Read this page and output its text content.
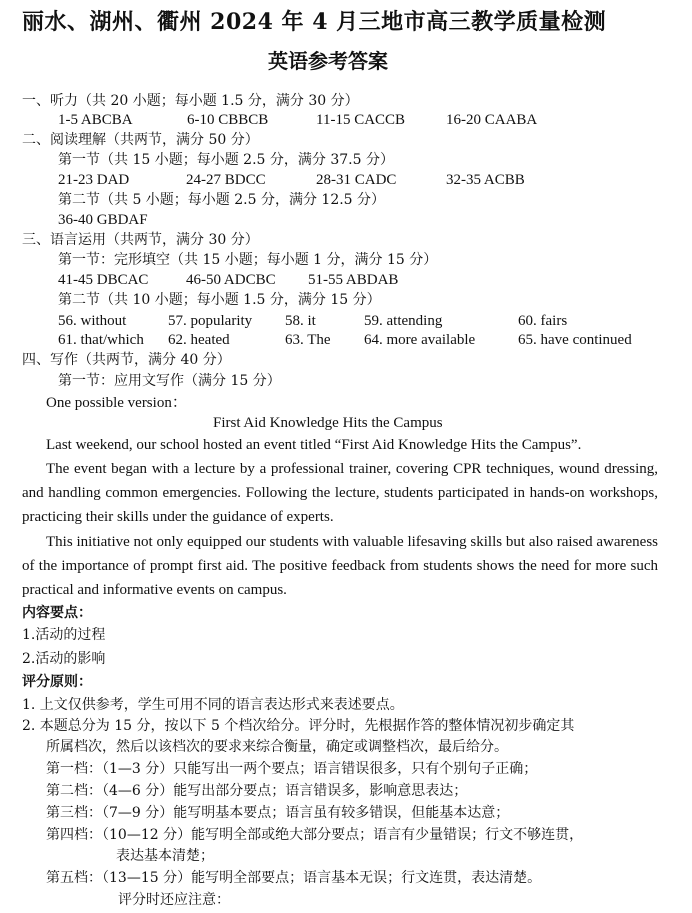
丽水、湖州、衢州 2024 年 4 月三地市高三教学质量检测
英语参考答案
一、听力（共 20 小题；每小题 1.5 分，满分 30 分）
1-5 ABCBA	6-10 CBBCB	11-15 CACCB	16-20 CAABA
二、阅读理解（共两节，满分 50 分）
第一节（共 15 小题；每小题 2.5 分，满分 37.5 分）
21-23 DAD	24-27 BDCC	28-31 CADC	32-35 ACBB
第二节（共 5 小题；每小题 2.5 分，满分 12.5 分）
36-40 GBDAF
三、语言运用（共两节，满分 30 分）
第一节：完形填空（共 15 小题；每小题 1 分，满分 15 分）
41-45 DBCAC	46-50 ADCBC 51-55 ABDAB
第二节（共 10 小题；每小题 1.5 分，满分 15 分）
56. without	57. popularity 58. it	59. attending	60. fairs
61. that/which 62. heated	63. The 64. more available	65. have continued
四、写作（共两节，满分 40 分）
第一节：应用文写作（满分 15 分）
One possible version：
First Aid Knowledge Hits the Campus
Last weekend, our school hosted an event titled “First Aid Knowledge Hits the Campus”.
The event began with a lecture by a professional trainer, covering CPR techniques, wound dressing, and handling common emergencies. Following the lecture, students participated in hands-on workshops, practicing their skills under the guidance of experts.
This initiative not only equipped our students with valuable lifesaving skills but also raised awareness of the importance of prompt first aid. The positive feedback from students shows the need for more such practical and informative events on campus.
内容要点：
1.活动的过程
2.活动的影响
评分原则：
1. 上文仅供参考，学生可用不同的语言表达形式来表述要点。
2. 本题总分为 15 分，按以下 5 个档次给分。评分时，先根据作答的整体情况初步确定其
所属档次，然后以该档次的要求来综合衡量，确定或调整档次，最后给分。
第一档：（1—3 分）只能写出一两个要点；语言错误很多，只有个别句子正确；
第二档：（4—6 分）能写出部分要点；语言错误多，影响意思表达；
第三档：（7—9 分）能写明基本要点；语言虽有较多错误，但能基本达意；
第四档：（10—12 分）能写明全部或绝大部分要点；语言有少量错误；行文不够连贯，
表达基本清楚；
第五档：（13—15 分）能写明全部要点；语言基本无误；行文连贯，表达清楚。
评分时还应注意：
